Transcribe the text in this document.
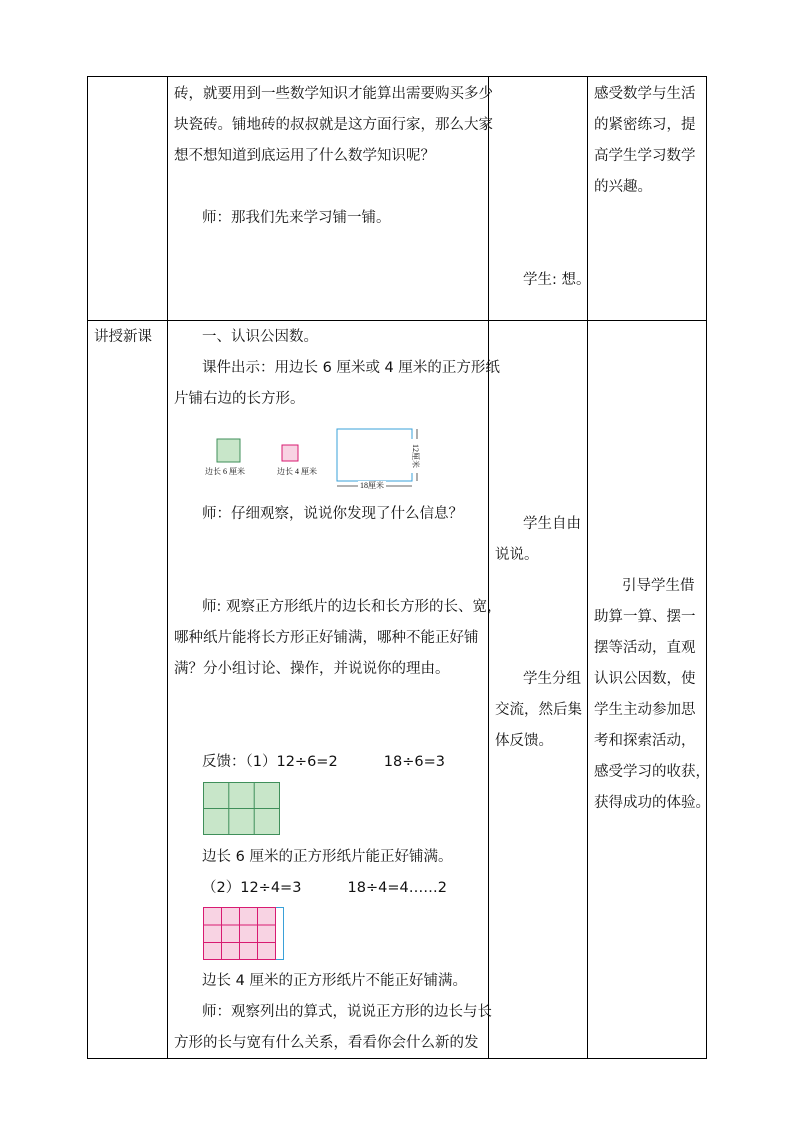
砖，就要用到一些数学知识才能算出需要购买多少
块瓷砖。铺地砖的叔叔就是这方面行家，那么大家
想不想知道到底运用了什么数学知识呢？
师：那我们先来学习铺一铺。
学生: 想。
感受数学与生活
的紧密练习，提
高学生学习数学
的兴趣。
讲授新课	一、认识公因数。
课件出示：用边长 6 厘米或 4 厘米的正方形纸
片铺右边的长方形。
边长 6 厘米	边长 4 厘米
18厘米
12厘米
师：仔细观察，说说你发现了什么信息？
师: 观察正方形纸片的边长和长方形的长、宽，
哪种纸片能将长方形正好铺满，哪种不能正好铺
满？分小组讨论、操作，并说说你的理由。
反馈：（1）12÷6=2          18÷6=3
边长 6 厘米的正方形纸片能正好铺满。
（2）12÷4=3          18÷4=4……2
边长 4 厘米的正方形纸片不能正好铺满。
师：观察列出的算式，说说正方形的边长与长
方形的长与宽有什么关系，看看你会什么新的发
学生自由
说说。
学生分组
交流，然后集
体反馈。
引导学生借
助算一算、摆一
摆等活动，直观
认识公因数，使
学生主动参加思
考和探索活动，
感受学习的收获，
获得成功的体验。
